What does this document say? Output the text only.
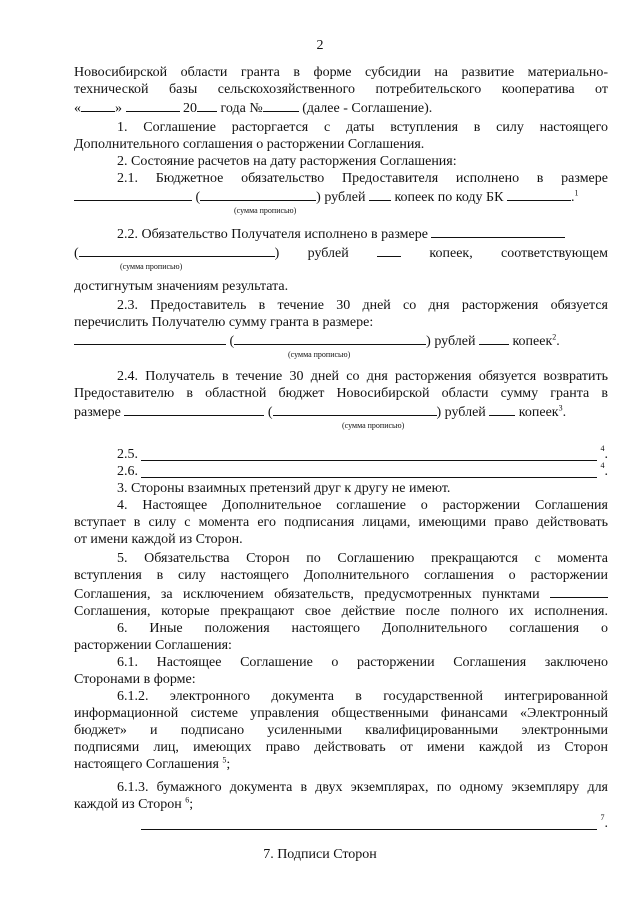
2

Новосибирской области гранта в форме субсидии на развитие материально-

технической базы сельскохозяйственного потребительского кооператива от

« »	20 года №	(далее - Соглашение).

1. Соглашение расторгается с даты вступления в силу настоящего

Дополнительного соглашения о расторжении Соглашения.

2. Состояние расчетов на дату расторжения Соглашения:

2.1. Бюджетное обязательство Предоставителя исполнено в размере

(	) рублей копеек по коду БК	.$^1$

(сумма прописью)

2.2. Обязательство Получателя исполнено в размере

(	) рублей	копеек, соответствующем

(сумма прописью)

достигнутым значениям результата.

2.3. Предоставитель в течение 30 дней со дня расторжения обязуется

перечислить Получателю сумму гранта в размере:

(	) рублей	копеек$^2$.

(сумма прописью)

2.4. Получатель в течение 30 дней со дня расторжения обязуется возвратить

Предоставителю в областной бюджет Новосибирской области сумму гранта в

размере	(	) рублей копеек$^3$.

(сумма прописью)
2.5.	4 .
2.6.	4 .

3. Стороны взаимных претензий друг к другу не имеют.

4. Настоящее Дополнительное соглашение о расторжении Соглашения

вступает в силу с момента его подписания лицами, имеющими право действовать

от имени каждой из Сторон.

5. Обязательства Сторон по Соглашению прекращаются с момента

вступления в силу настоящего Дополнительного соглашения о расторжении

Соглашения, за исключением обязательств, предусмотренных пунктами

Соглашения, которые прекращают свое действие после полного их исполнения.

6. Иные положения настоящего Дополнительного соглашения о

расторжении Соглашения:

6.1. Настоящее Соглашение о расторжении Соглашения заключено

Сторонами в форме:

6.1.2. электронного документа в государственной интегрированной

информационной системе управления общественными финансами «Электронный

бюджет» и подписано усиленными квалифицированными электронными

подписями лиц, имеющих право действовать от имени каждой из Сторон

настоящего Соглашения $^5$;

6.1.3. бумажного документа в двух экземплярах, по одному экземпляру для

каждой из Сторон $^6$;

7 .
7. Подписи Сторон
